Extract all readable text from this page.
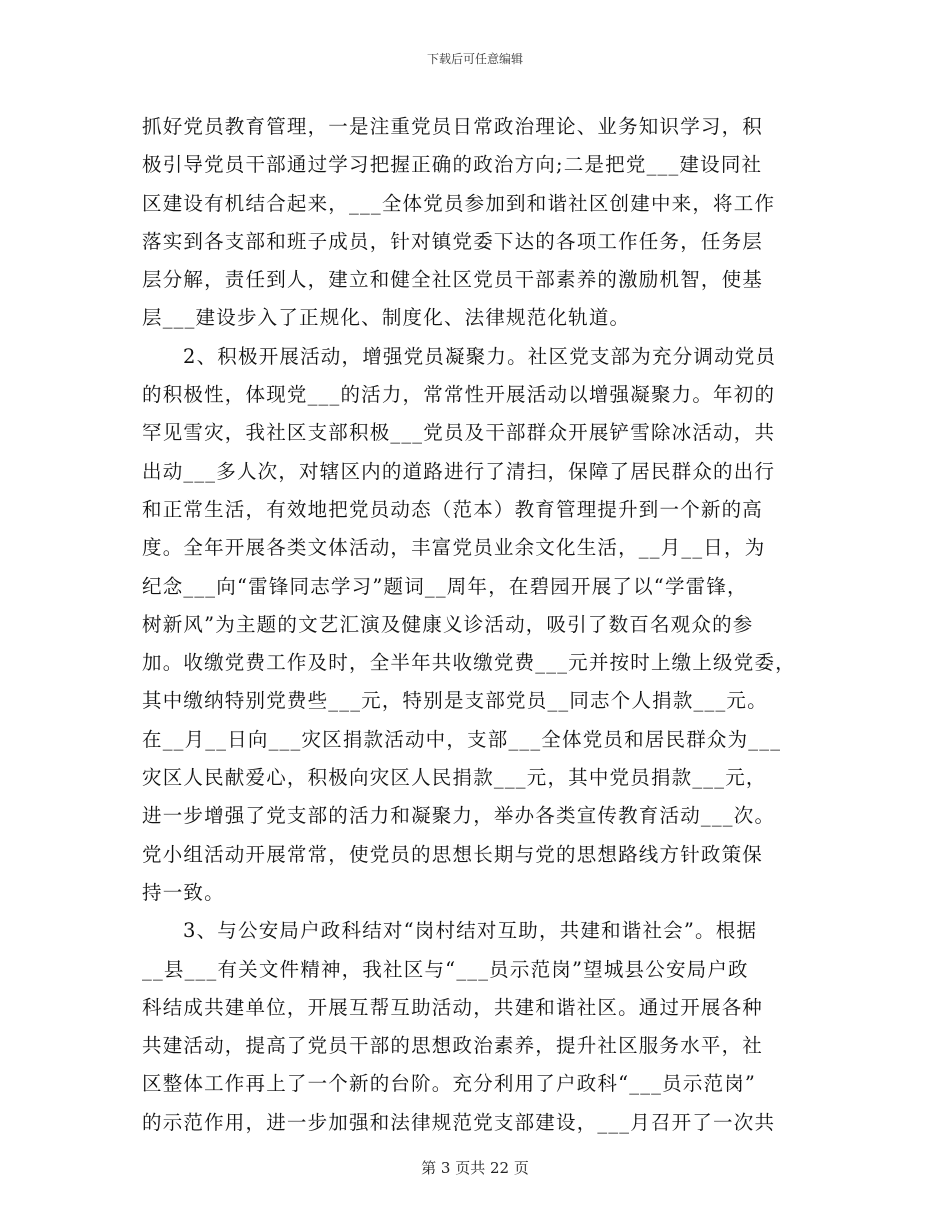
下载后可任意编辑
抓好党员教育管理，一是注重党员日常政治理论、业务知识学习，积
极引导党员干部通过学习把握正确的政治方向;二是把党___建设同社
区建设有机结合起来，___全体党员参加到和谐社区创建中来，将工作
落实到各支部和班子成员，针对镇党委下达的各项工作任务，任务层
层分解，责任到人，建立和健全社区党员干部素养的激励机智，使基
层___建设步入了正规化、制度化、法律规范化轨道。
2、积极开展活动，增强党员凝聚力。社区党支部为充分调动党员
的积极性，体现党___的活力，常常性开展活动以增强凝聚力。年初的
罕见雪灾，我社区支部积极___党员及干部群众开展铲雪除冰活动，共
出动___多人次，对辖区内的道路进行了清扫，保障了居民群众的出行
和正常生活，有效地把党员动态（范本）教育管理提升到一个新的高
度。全年开展各类文体活动，丰富党员业余文化生活，__月__日，为
纪念___向“雷锋同志学习”题词__周年，在碧园开展了以“学雷锋，
树新风”为主题的文艺汇演及健康义诊活动，吸引了数百名观众的参
加。收缴党费工作及时，全半年共收缴党费___元并按时上缴上级党委，
其中缴纳特别党费些___元，特别是支部党员__同志个人捐款___元。
在__月__日向___灾区捐款活动中，支部___全体党员和居民群众为___
灾区人民献爱心，积极向灾区人民捐款___元，其中党员捐款___元，
进一步增强了党支部的活力和凝聚力，举办各类宣传教育活动___次。
党小组活动开展常常，使党员的思想长期与党的思想路线方针政策保
持一致。
3、与公安局户政科结对“岗村结对互助，共建和谐社会”。根据
__县___有关文件精神，我社区与“___员示范岗”望城县公安局户政
科结成共建单位，开展互帮互助活动，共建和谐社区。通过开展各种
共建活动，提高了党员干部的思想政治素养，提升社区服务水平，社
区整体工作再上了一个新的台阶。充分利用了户政科“___员示范岗”
的示范作用，进一步加强和法律规范党支部建设，___月召开了一次共
第 3 页共 22 页
